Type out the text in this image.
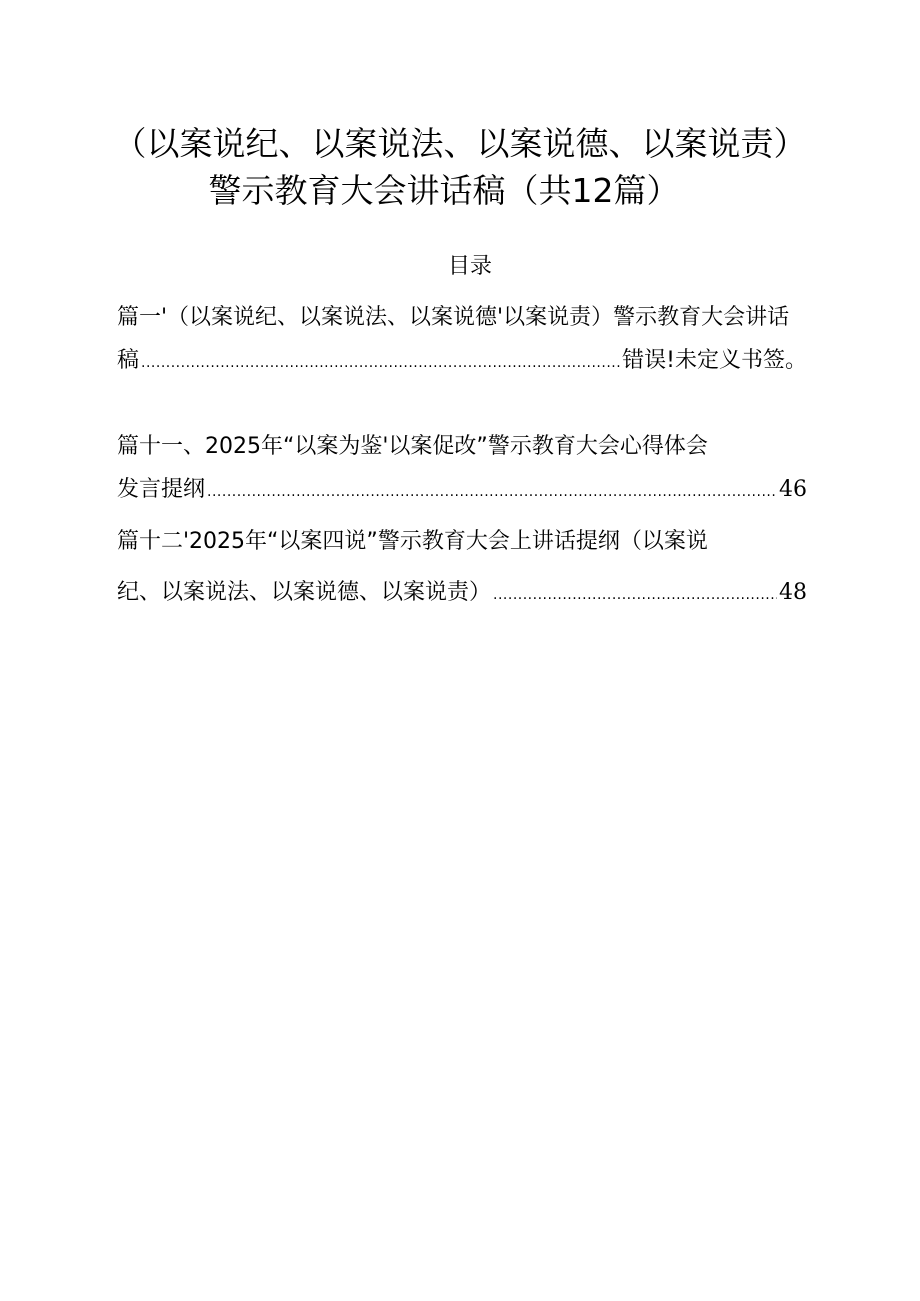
（以案说纪、以案说法、以案说德、以案说责）
警示教育大会讲话稿（共12篇）
目录
篇一'（以案说纪、以案说法、以案说德'以案说责）警示教育大会讲话
稿 .....	错误!未定义书签。
篇十一、2025年“以案为鉴'以案促改”警示教育大会心得体会
发言提纲 .....	46
篇十二'2025年“以案四说”警示教育大会上讲话提纲（以案说
纪、以案说法、以案说德、以案说责） .....	48
